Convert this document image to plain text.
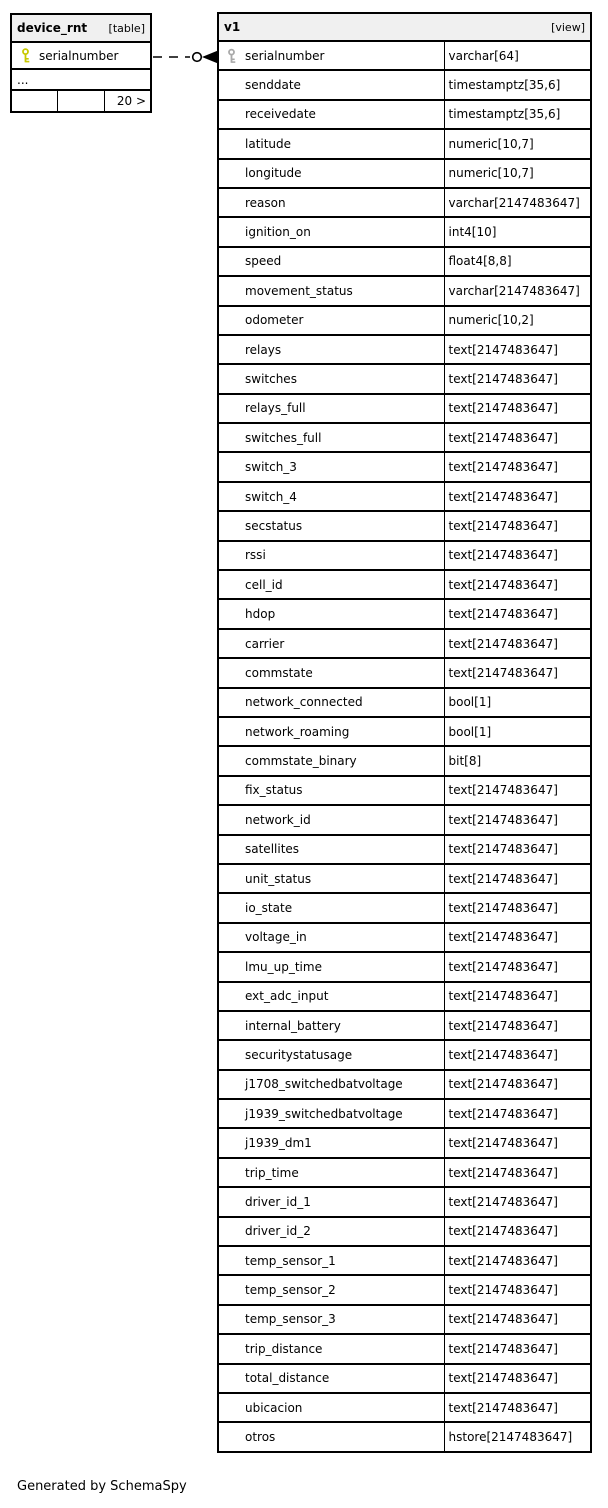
device_rnt [table]

serialnumber
...
		20 >
v1 [view]	

serialnumber	varchar[64]
senddate	timestamptz[35,6]
receivedate	timestamptz[35,6]
latitude	numeric[10,7]
longitude	numeric[10,7]
reason	varchar[2147483647]
ignition_on	int4[10]
speed	float4[8,8]
movement_status	varchar[2147483647]
odometer	numeric[10,2]
relays	text[2147483647]
switches	text[2147483647]
relays_full	text[2147483647]
switches_full	text[2147483647]
switch_3	text[2147483647]
switch_4	text[2147483647]
secstatus	text[2147483647]
rssi	text[2147483647]
cell_id	text[2147483647]
hdop	text[2147483647]
carrier	text[2147483647]
commstate	text[2147483647]
network_connected	bool[1]
network_roaming	bool[1]
commstate_binary	bit[8]
fix_status	text[2147483647]
network_id	text[2147483647]
satellites	text[2147483647]
unit_status	text[2147483647]
io_state	text[2147483647]
voltage_in	text[2147483647]
lmu_up_time	text[2147483647]
ext_adc_input	text[2147483647]
internal_battery	text[2147483647]
securitystatusage	text[2147483647]
j1708_switchedbatvoltage	text[2147483647]
j1939_switchedbatvoltage	text[2147483647]
j1939_dm1	text[2147483647]
trip_time	text[2147483647]
driver_id_1	text[2147483647]
driver_id_2	text[2147483647]
temp_sensor_1	text[2147483647]
temp_sensor_2	text[2147483647]
temp_sensor_3	text[2147483647]
trip_distance	text[2147483647]
total_distance	text[2147483647]
ubicacion	text[2147483647]
otros	hstore[2147483647]
Generated by SchemaSpy
